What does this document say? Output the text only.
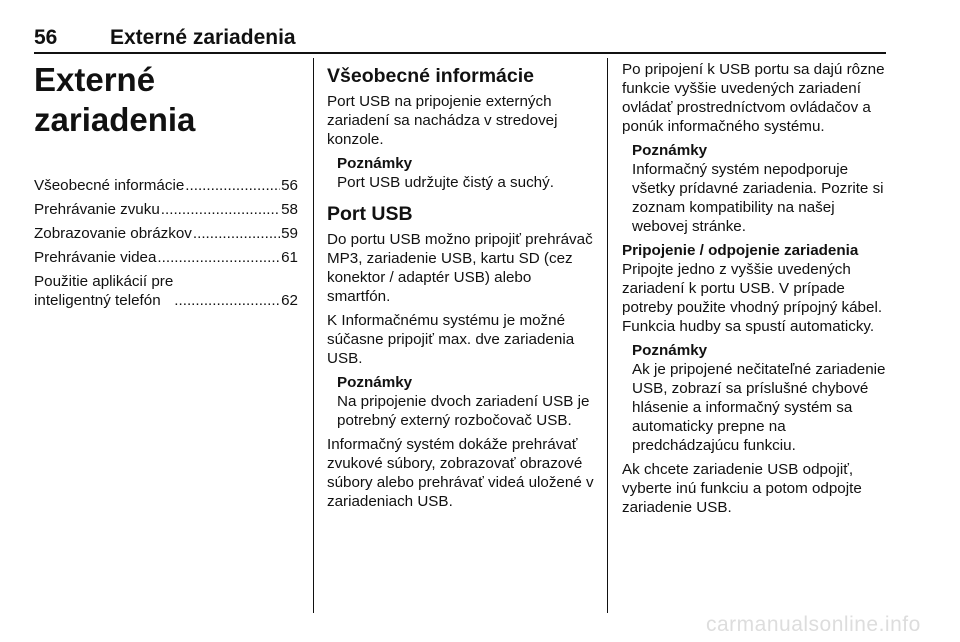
56	Externé zariadenia
Externé zariadenia
Všeobecné informácie .....	56
Prehrávanie zvuku .....	58
Zobrazovanie obrázkov .....	59
Prehrávanie videa .....	61
Použitie aplikácií pre
inteligentný telefón .....	62
Všeobecné informácie

Port USB na pripojenie externých zariadení sa nachádza v stredovej konzole.

Poznámky
Port USB udržujte čistý a suchý.
Port USB

Do portu USB možno pripojiť prehrávač MP3, zariadenie USB, kartu SD (cez konektor / adaptér USB) alebo smartfón.

K Informačnému systému je možné súčasne pripojiť max. dve zariadenia USB.

Poznámky
Na pripojenie dvoch zariadení USB je potrebný externý rozbočovač USB.

Informačný systém dokáže prehrávať zvukové súbory, zobrazovať obrazové súbory alebo prehrávať videá uložené v zariadeniach USB.

Po pripojení k USB portu sa dajú rôzne funkcie vyššie uvedených zariadení ovládať prostredníctvom ovládačov a ponúk informačného systému.

Poznámky
Informačný systém nepodporuje všetky prídavné zariadenia. Pozrite si zoznam kompatibility na našej webovej stránke.
Pripojenie / odpojenie zariadenia

Pripojte jedno z vyššie uvedených zariadení k portu USB. V prípade potreby použite vhodný prípojný kábel. Funkcia hudby sa spustí automaticky.

Poznámky
Ak je pripojené nečitateľné zariadenie USB, zobrazí sa príslušné chybové hlásenie a informačný systém sa automaticky prepne na predchádzajúcu funkciu.

Ak chcete zariadenie USB odpojiť, vyberte inú funkciu a potom odpojte zariadenie USB.

carmanualsonline.info
